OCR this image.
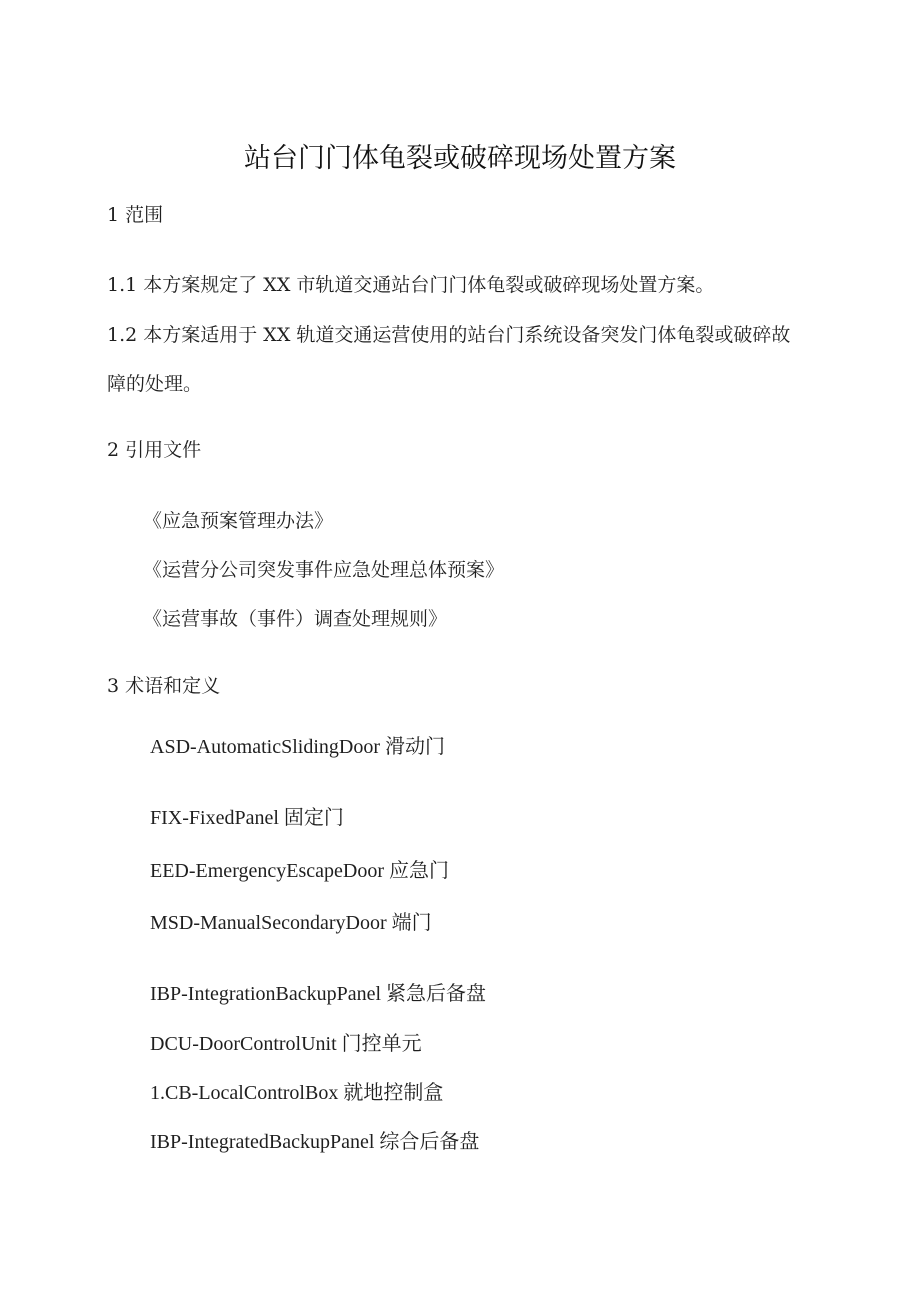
站台门门体龟裂或破碎现场处置方案
1 范围
1.1 本方案规定了 XX 市轨道交通站台门门体龟裂或破碎现场处置方案。
1.2 本方案适用于 XX 轨道交通运营使用的站台门系统设备突发门体龟裂或破碎故
障的处理。
2 引用文件
《应急预案管理办法》
《运营分公司突发事件应急处理总体预案》
《运营事故（事件）调查处理规则》
3 术语和定义
ASD-AutomaticSlidingDoor 滑动门
FIX-FixedPanel 固定门
EED-EmergencyEscapeDoor 应急门
MSD-ManualSecondaryDoor 端门
IBP-IntegrationBackupPanel 紧急后备盘
DCU-DoorControlUnit 门控单元
1.CB-LocalControlBox 就地控制盒
IBP-IntegratedBackupPanel 综合后备盘
